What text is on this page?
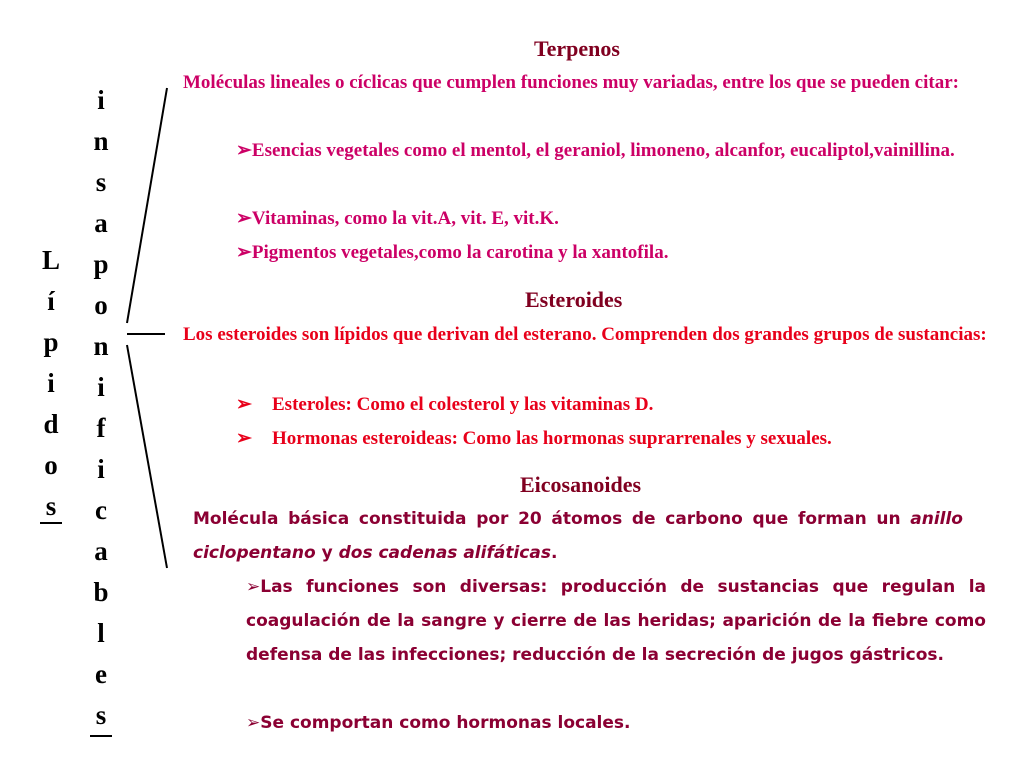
L
í
p
i
d
o
s
i
n
s
a
p
o
n
i
f
i
c
a
b
l
e
s
Terpenos
Moléculas lineales o cíclicas que cumplen funciones muy variadas, entre los que se pueden citar:
➢Esencias vegetales como el mentol, el geraniol, limoneno, alcanfor, eucaliptol,vainillina.
➢Vitaminas, como la vit.A, vit. E, vit.K.
➢Pigmentos vegetales,como la carotina y la xantofila.
Esteroides
Los esteroides son lípidos que derivan del esterano. Comprenden dos grandes grupos de sustancias:
➢ Esteroles: Como el colesterol y las vitaminas D.
➢ Hormonas esteroideas: Como las hormonas suprarrenales y sexuales.
Eicosanoides
Molécula básica constituida por 20 átomos de carbono que forman un anillo ciclopentano y dos cadenas alifáticas.
➢Las funciones son diversas: producción de sustancias que regulan la coagulación de la sangre y cierre de las heridas; aparición de la fiebre como defensa de las infecciones; reducción de la secreción de jugos gástricos.
➢Se comportan como hormonas locales.
